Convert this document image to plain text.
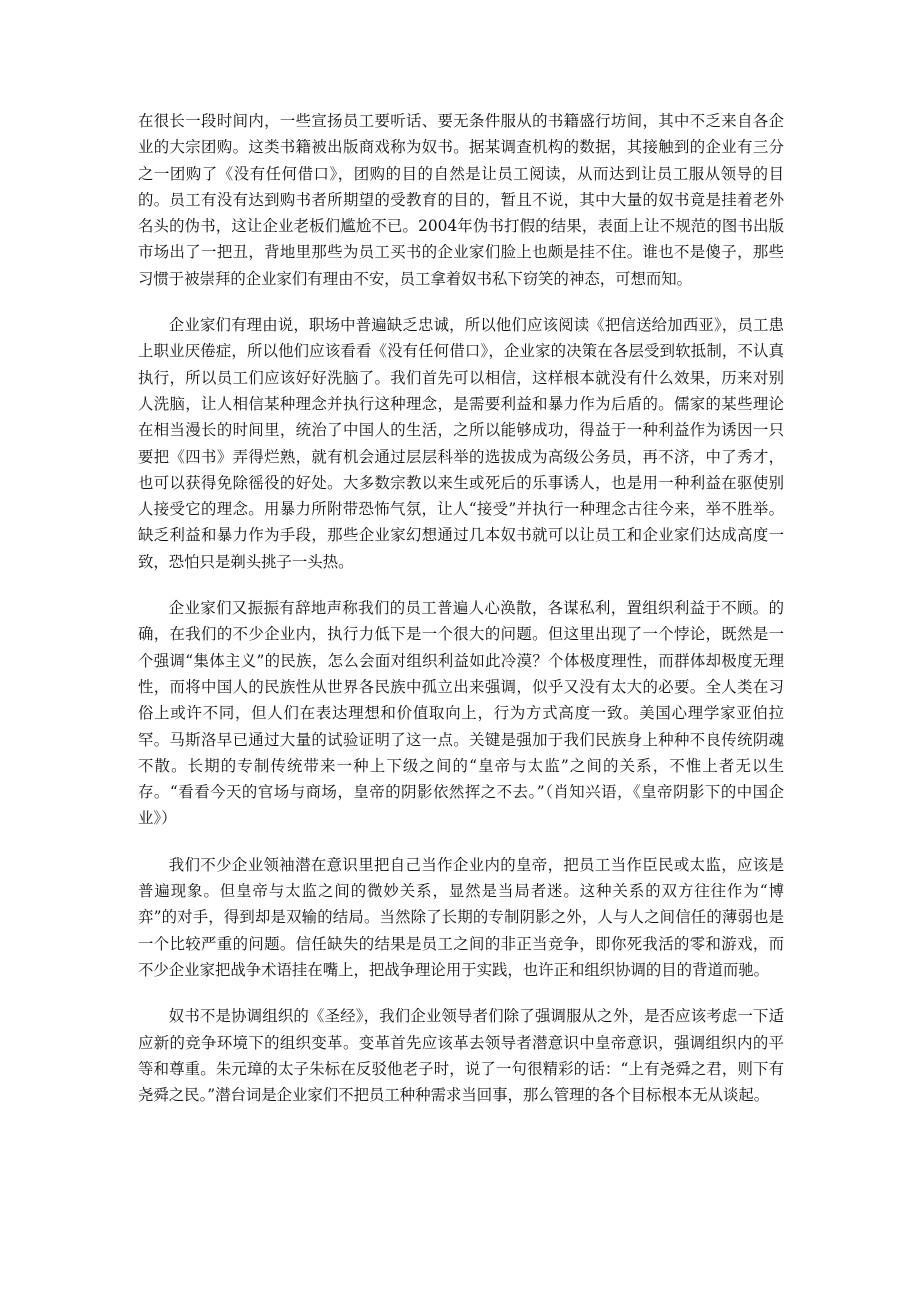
在很长一段时间内，一些宣扬员工要听话、要无条件服从的书籍盛行坊间，其中不乏来自各企业的大宗团购。这类书籍被出版商戏称为奴书。据某调查机构的数据，其接触到的企业有三分之一团购了《没有任何借口》，团购的目的自然是让员工阅读，从而达到让员工服从领导的目的。员工有没有达到购书者所期望的受教育的目的，暂且不说，其中大量的奴书竟是挂着老外名头的伪书，这让企业老板们尴尬不已。2004年伪书打假的结果，表面上让不规范的图书出版市场出了一把丑，背地里那些为员工买书的企业家们脸上也颇是挂不住。谁也不是傻子，那些习惯于被崇拜的企业家们有理由不安，员工拿着奴书私下窃笑的神态，可想而知。

企业家们有理由说，职场中普遍缺乏忠诚，所以他们应该阅读《把信送给加西亚》，员工患上职业厌倦症，所以他们应该看看《没有任何借口》，企业家的决策在各层受到软抵制，不认真执行，所以员工们应该好好洗脑了。我们首先可以相信，这样根本就没有什么效果，历来对别人洗脑，让人相信某种理念并执行这种理念，是需要利益和暴力作为后盾的。儒家的某些理论在相当漫长的时间里，统治了中国人的生活，之所以能够成功，得益于一种利益作为诱因一只要把《四书》弄得烂熟，就有机会通过层层科举的选拔成为高级公务员，再不济，中了秀才，也可以获得免除徭役的好处。大多数宗教以来生或死后的乐事诱人，也是用一种利益在驱使别人接受它的理念。用暴力所附带恐怖气氛，让人“接受”并执行一种理念古往今来，举不胜举。缺乏利益和暴力作为手段，那些企业家幻想通过几本奴书就可以让员工和企业家们达成高度一致，恐怕只是剃头挑子一头热。

企业家们又振振有辞地声称我们的员工普遍人心涣散，各谋私利，置组织利益于不顾。的确，在我们的不少企业内，执行力低下是一个很大的问题。但这里出现了一个悖论，既然是一个强调“集体主义”的民族，怎么会面对组织利益如此冷漠？个体极度理性，而群体却极度无理性，而将中国人的民族性从世界各民族中孤立出来强调，似乎又没有太大的必要。全人类在习俗上或许不同，但人们在表达理想和价值取向上，行为方式高度一致。美国心理学家亚伯拉罕。马斯洛早已通过大量的试验证明了这一点。关键是强加于我们民族身上种种不良传统阴魂不散。长期的专制传统带来一种上下级之间的“皇帝与太监”之间的关系，不惟上者无以生存。“看看今天的官场与商场，皇帝的阴影依然挥之不去。”（肖知兴语，《皇帝阴影下的中国企业》）

我们不少企业领袖潜在意识里把自己当作企业内的皇帝，把员工当作臣民或太监，应该是普遍现象。但皇帝与太监之间的微妙关系，显然是当局者迷。这种关系的双方往往作为“博弈”的对手，得到却是双输的结局。当然除了长期的专制阴影之外，人与人之间信任的薄弱也是一个比较严重的问题。信任缺失的结果是员工之间的非正当竞争，即你死我活的零和游戏，而不少企业家把战争术语挂在嘴上，把战争理论用于实践，也许正和组织协调的目的背道而驰。

奴书不是协调组织的《圣经》，我们企业领导者们除了强调服从之外，是否应该考虑一下适应新的竞争环境下的组织变革。变革首先应该革去领导者潜意识中皇帝意识，强调组织内的平等和尊重。朱元璋的太子朱标在反驳他老子时，说了一句很精彩的话：“上有尧舜之君，则下有尧舜之民。”潜台词是企业家们不把员工种种需求当回事，那么管理的各个目标根本无从谈起。
